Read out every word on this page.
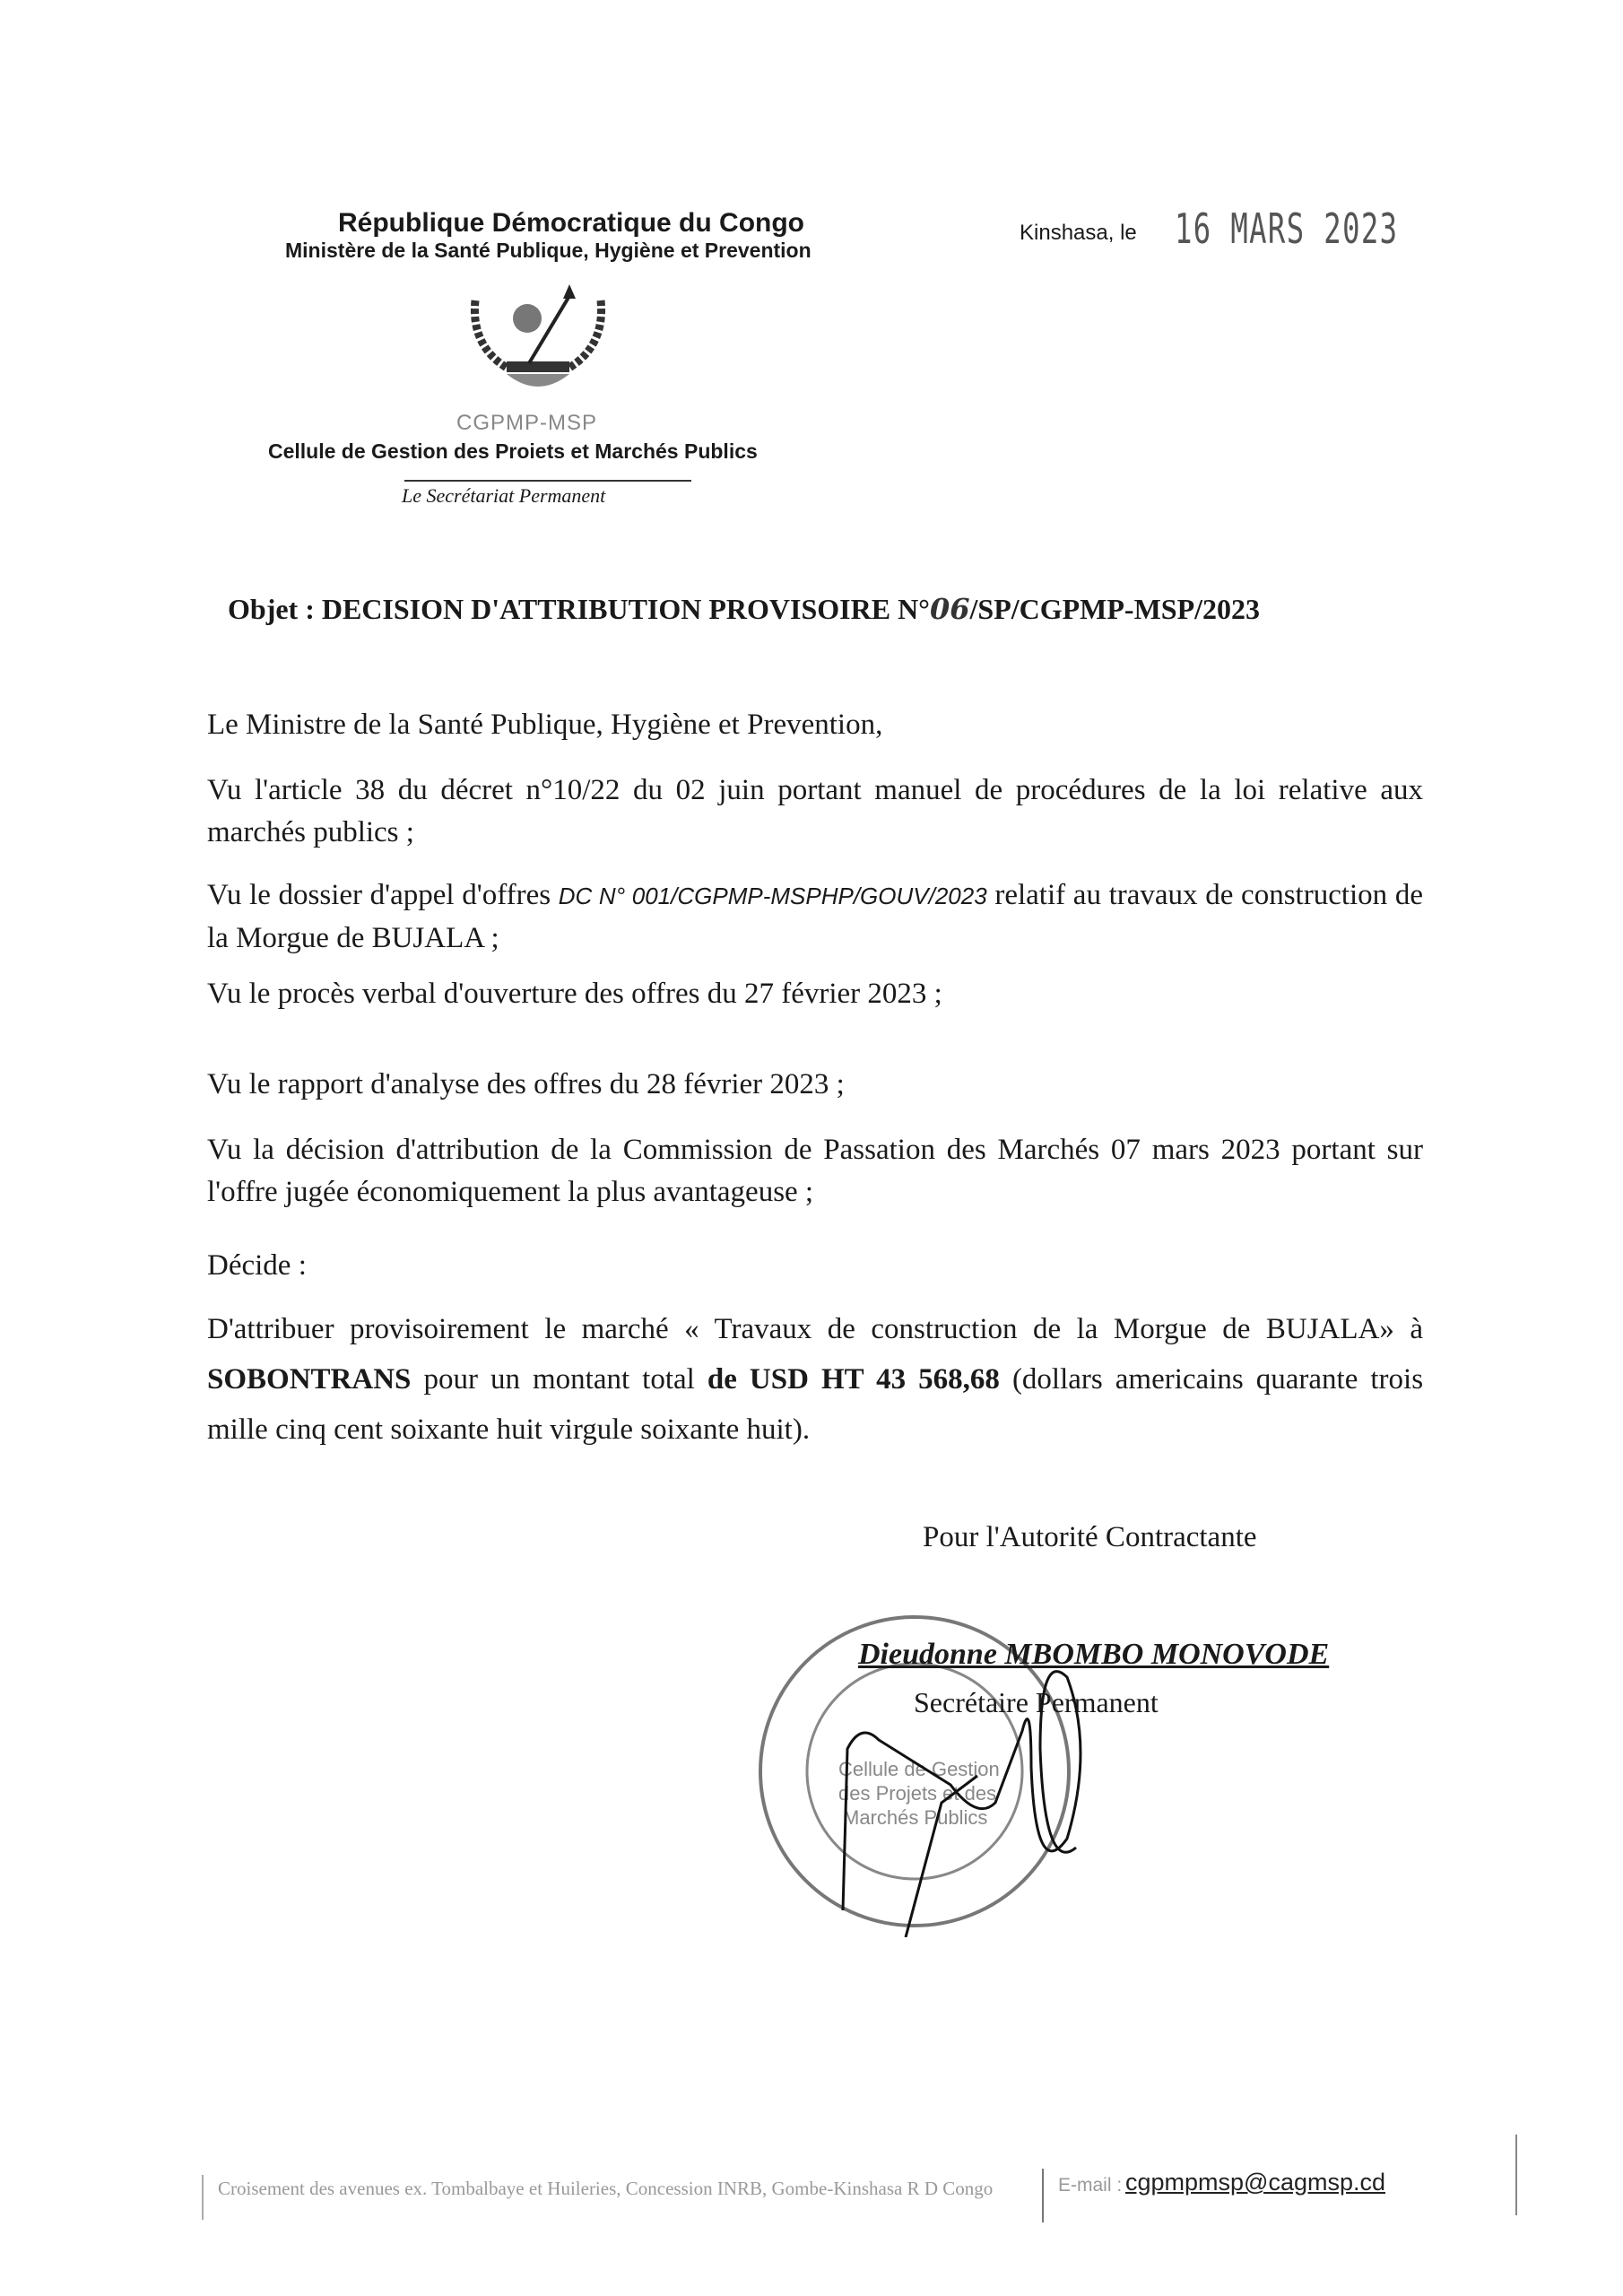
République Démocratique du Congo
Ministère de la Santé Publique, Hygiène et Prevention
Kinshasa, le 16 MARS 2023
CGPMP-MSP
Cellule de Gestion des Proiets et Marchés Publics
Le Secrétariat Permanent
Objet : DECISION D'ATTRIBUTION PROVISOIRE N°06/SP/CGPMP-MSP/2023
Le Ministre de la Santé Publique, Hygiène et Prevention,
Vu l'article 38 du décret n°10/22 du 02 juin portant manuel de procédures de la loi relative aux marchés publics ;
Vu le dossier d'appel d'offres DC N° 001/CGPMP-MSPHP/GOUV/2023 relatif au travaux de construction de la Morgue de BUJALA ;
Vu le procès verbal d'ouverture des offres du 27 février 2023 ;
Vu le rapport d'analyse des offres du 28 février 2023 ;
Vu la décision d'attribution de la Commission de Passation des Marchés 07 mars 2023 portant sur l'offre jugée économiquement la plus avantageuse ;
Décide :
D'attribuer provisoirement le marché « Travaux de construction de la Morgue de BUJALA» à SOBONTRANS pour un montant total de USD HT 43 568,68 (dollars americains quarante trois mille cinq cent soixante huit virgule soixante huit).
Pour l'Autorité Contractante
Cellule de Gestion
des Projets et des
Marchés Publics
Dieudonne MBOMBO MONOVODE
Secrétaire Permanent
Croisement des avenues ex. Tombalbaye et Huileries, Concession INRB, Gombe-Kinshasa R D Congo	E-mail : cgpmpmsp@cagmsp.cd
